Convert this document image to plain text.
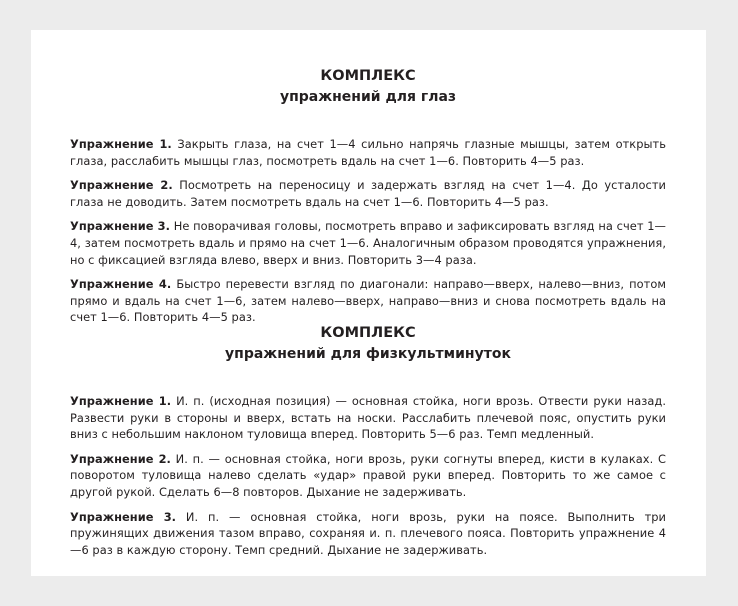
КОМПЛЕКС
упражнений для глаз

Упражнение 1. Закрыть глаза, на счет 1—4 сильно напрячь глазные мышцы, затем открыть глаза, расслабить мышцы глаз, посмотреть вдаль на счет 1—6. Повторить 4—5 раз.

Упражнение 2. Посмотреть на переносицу и задержать взгляд на счет 1—4. До усталости глаза не доводить. Затем посмотреть вдаль на счет 1—6. Повторить 4—5 раз.

Упражнение 3. Не поворачивая головы, посмотреть вправо и зафиксировать взгляд на счет 1—4, затем посмотреть вдаль и прямо на счет 1—6. Аналогичным образом проводятся упражнения, но с фиксацией взгляда влево, вверх и вниз. Повторить 3—4 раза.

Упражнение 4. Быстро перевести взгляд по диагонали: направо—вверх, налево—вниз, потом прямо и вдаль на счет 1—6, затем налево—вверх, направо—вниз и снова посмотреть вдаль на счет 1—6. Повторить 4—5 раз.

КОМПЛЕКС
упражнений для физкультминуток

Упражнение 1. И. п. (исходная позиция) — основная стойка, ноги врозь. Отвести руки назад. Развести руки в стороны и вверх, встать на носки. Расслабить плечевой пояс, опустить руки вниз с небольшим наклоном туловища вперед. Повторить 5—6 раз. Темп медленный.

Упражнение 2. И. п. — основная стойка, ноги врозь, руки согнуты вперед, кисти в кулаках. С поворотом туловища налево сделать «удар» правой руки вперед. Повторить то же самое с другой рукой. Сделать 6—8 повторов. Дыхание не задерживать.

Упражнение 3. И. п. — основная стойка, ноги врозь, руки на поясе. Выполнить три пружинящих движения тазом вправо, сохраняя и. п. плечевого пояса. Повторить упражнение 4—6 раз в каждую сторону. Темп средний. Дыхание не задерживать.
